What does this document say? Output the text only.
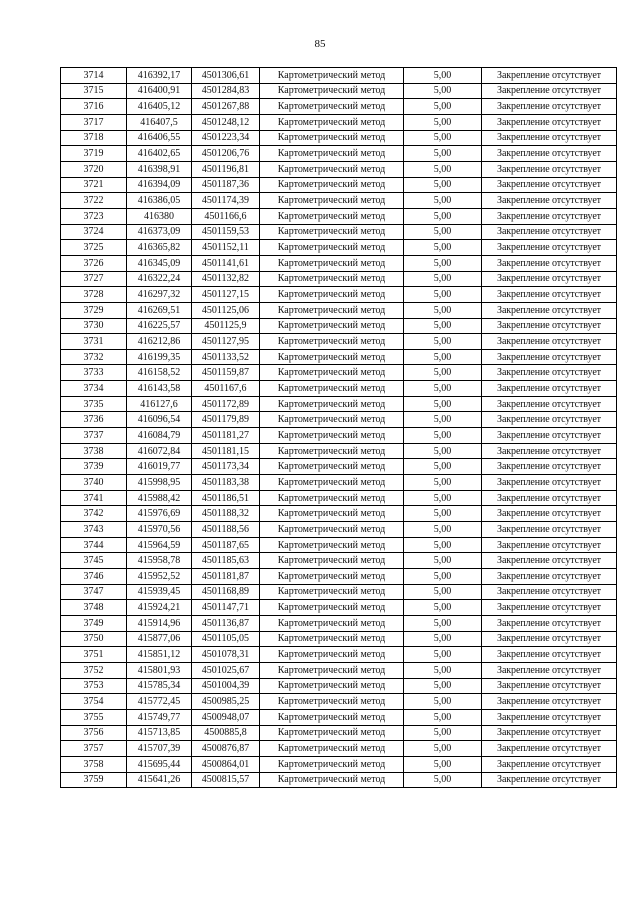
85
3714	416392,17	4501306,61	Картометрический метод	5,00	Закрепление отсутствует
3715	416400,91	4501284,83	Картометрический метод	5,00	Закрепление отсутствует
3716	416405,12	4501267,88	Картометрический метод	5,00	Закрепление отсутствует
3717	416407,5	4501248,12	Картометрический метод	5,00	Закрепление отсутствует
3718	416406,55	4501223,34	Картометрический метод	5,00	Закрепление отсутствует
3719	416402,65	4501206,76	Картометрический метод	5,00	Закрепление отсутствует
3720	416398,91	4501196,81	Картометрический метод	5,00	Закрепление отсутствует
3721	416394,09	4501187,36	Картометрический метод	5,00	Закрепление отсутствует
3722	416386,05	4501174,39	Картометрический метод	5,00	Закрепление отсутствует
3723	416380	4501166,6	Картометрический метод	5,00	Закрепление отсутствует
3724	416373,09	4501159,53	Картометрический метод	5,00	Закрепление отсутствует
3725	416365,82	4501152,11	Картометрический метод	5,00	Закрепление отсутствует
3726	416345,09	4501141,61	Картометрический метод	5,00	Закрепление отсутствует
3727	416322,24	4501132,82	Картометрический метод	5,00	Закрепление отсутствует
3728	416297,32	4501127,15	Картометрический метод	5,00	Закрепление отсутствует
3729	416269,51	4501125,06	Картометрический метод	5,00	Закрепление отсутствует
3730	416225,57	4501125,9	Картометрический метод	5,00	Закрепление отсутствует
3731	416212,86	4501127,95	Картометрический метод	5,00	Закрепление отсутствует
3732	416199,35	4501133,52	Картометрический метод	5,00	Закрепление отсутствует
3733	416158,52	4501159,87	Картометрический метод	5,00	Закрепление отсутствует
3734	416143,58	4501167,6	Картометрический метод	5,00	Закрепление отсутствует
3735	416127,6	4501172,89	Картометрический метод	5,00	Закрепление отсутствует
3736	416096,54	4501179,89	Картометрический метод	5,00	Закрепление отсутствует
3737	416084,79	4501181,27	Картометрический метод	5,00	Закрепление отсутствует
3738	416072,84	4501181,15	Картометрический метод	5,00	Закрепление отсутствует
3739	416019,77	4501173,34	Картометрический метод	5,00	Закрепление отсутствует
3740	415998,95	4501183,38	Картометрический метод	5,00	Закрепление отсутствует
3741	415988,42	4501186,51	Картометрический метод	5,00	Закрепление отсутствует
3742	415976,69	4501188,32	Картометрический метод	5,00	Закрепление отсутствует
3743	415970,56	4501188,56	Картометрический метод	5,00	Закрепление отсутствует
3744	415964,59	4501187,65	Картометрический метод	5,00	Закрепление отсутствует
3745	415958,78	4501185,63	Картометрический метод	5,00	Закрепление отсутствует
3746	415952,52	4501181,87	Картометрический метод	5,00	Закрепление отсутствует
3747	415939,45	4501168,89	Картометрический метод	5,00	Закрепление отсутствует
3748	415924,21	4501147,71	Картометрический метод	5,00	Закрепление отсутствует
3749	415914,96	4501136,87	Картометрический метод	5,00	Закрепление отсутствует
3750	415877,06	4501105,05	Картометрический метод	5,00	Закрепление отсутствует
3751	415851,12	4501078,31	Картометрический метод	5,00	Закрепление отсутствует
3752	415801,93	4501025,67	Картометрический метод	5,00	Закрепление отсутствует
3753	415785,34	4501004,39	Картометрический метод	5,00	Закрепление отсутствует
3754	415772,45	4500985,25	Картометрический метод	5,00	Закрепление отсутствует
3755	415749,77	4500948,07	Картометрический метод	5,00	Закрепление отсутствует
3756	415713,85	4500885,8	Картометрический метод	5,00	Закрепление отсутствует
3757	415707,39	4500876,87	Картометрический метод	5,00	Закрепление отсутствует
3758	415695,44	4500864,01	Картометрический метод	5,00	Закрепление отсутствует
3759	415641,26	4500815,57	Картометрический метод	5,00	Закрепление отсутствует
